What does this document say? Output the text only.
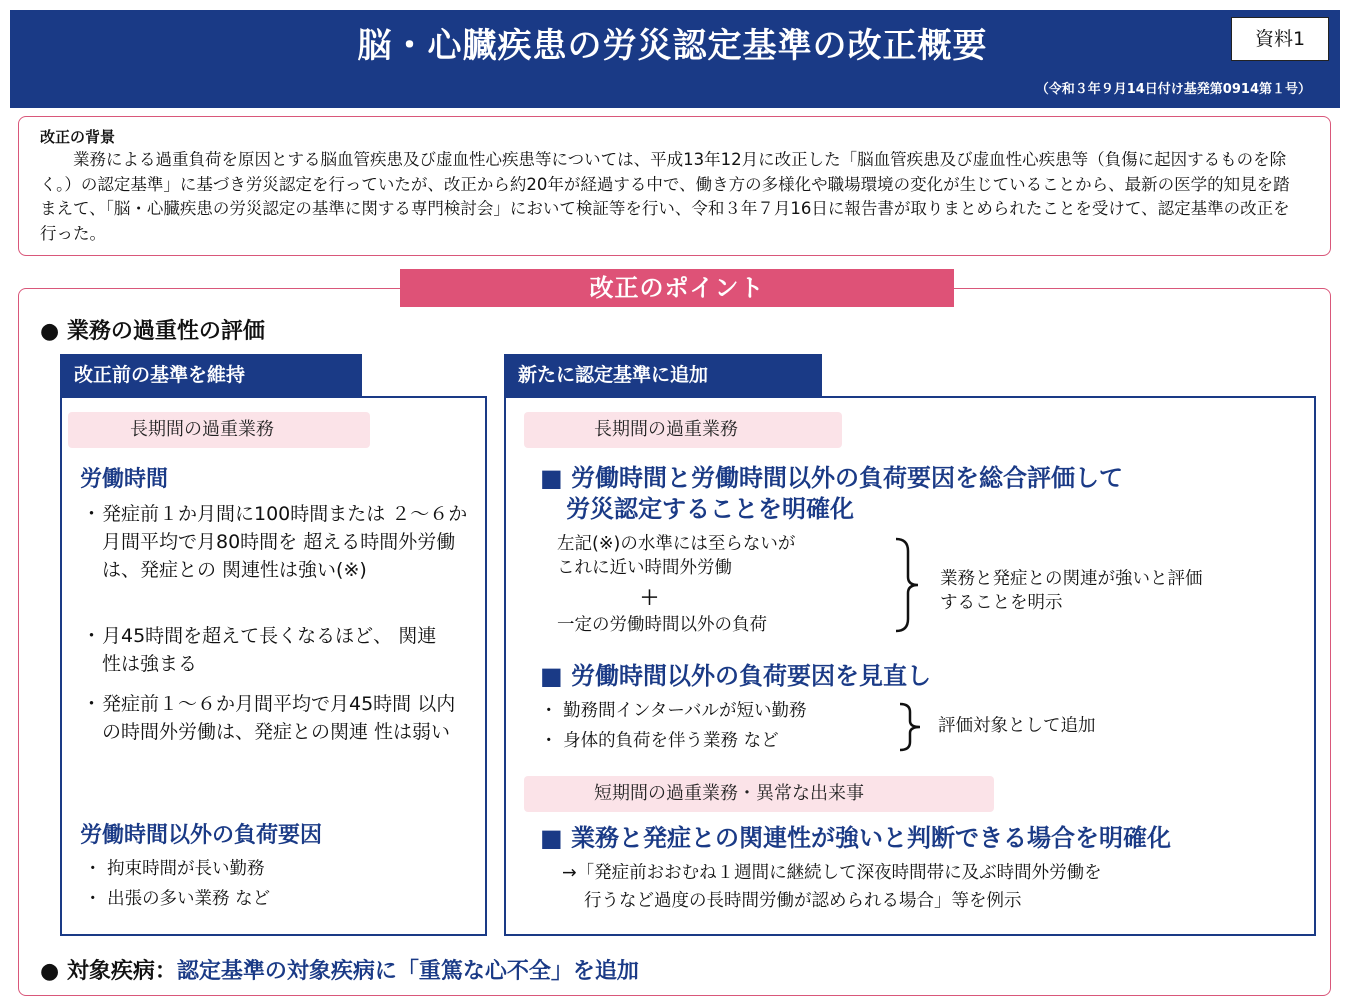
脳・心臓疾患の労災認定基準の改正概要	資料1
（令和３年９月14日付け基発第0914第１号）
改正の背景
業務による過重負荷を原因とする脳血管疾患及び虚血性心疾患等については、平成13年12月に改正した「脳血管疾患及び虚血性心疾患等（負傷に起因するものを除く。）の認定基準」に基づき労災認定を行っていたが、改正から約20年が経過する中で、働き方の多様化や職場環境の変化が生じていることから、最新の医学的知見を踏まえて、「脳・心臓疾患の労災認定の基準に関する専門検討会」において検証等を行い、令和３年７月16日に報告書が取りまとめられたことを受けて、認定基準の改正を行った。
改正のポイント
● 業務の過重性の評価
改正前の基準を維持
長期間の過重業務
労働時間
・ 発症前１か月間に100時間または ２～６か月間平均で月80時間を 超える時間外労働は、発症との 関連性は強い(※)
・ 月45時間を超えて長くなるほど、 関連性は強まる
・ 発症前１～６か月間平均で月45時間 以内の時間外労働は、発症との関連 性は弱い
労働時間以外の負荷要因
・ 拘束時間が長い勤務
・ 出張の多い業務 など
新たに認定基準に追加
長期間の過重業務
■ 労働時間と労働時間以外の負荷要因を総合評価して
労災認定することを明確化
左記(※)の水準には至らないが
これに近い時間外労働
＋
一定の労働時間以外の負荷
業務と発症との関連が強いと評価
することを明示
■ 労働時間以外の負荷要因を見直し
・ 勤務間インターバルが短い勤務
・ 身体的負荷を伴う業務 など
評価対象として追加
短期間の過重業務・異常な出来事
■ 業務と発症との関連性が強いと判断できる場合を明確化
→「発症前おおむね１週間に継続して深夜時間帯に及ぶ時間外労働を
行うなど過度の長時間労働が認められる場合」等を例示
● 対象疾病：認定基準の対象疾病に「重篤な心不全」を追加
